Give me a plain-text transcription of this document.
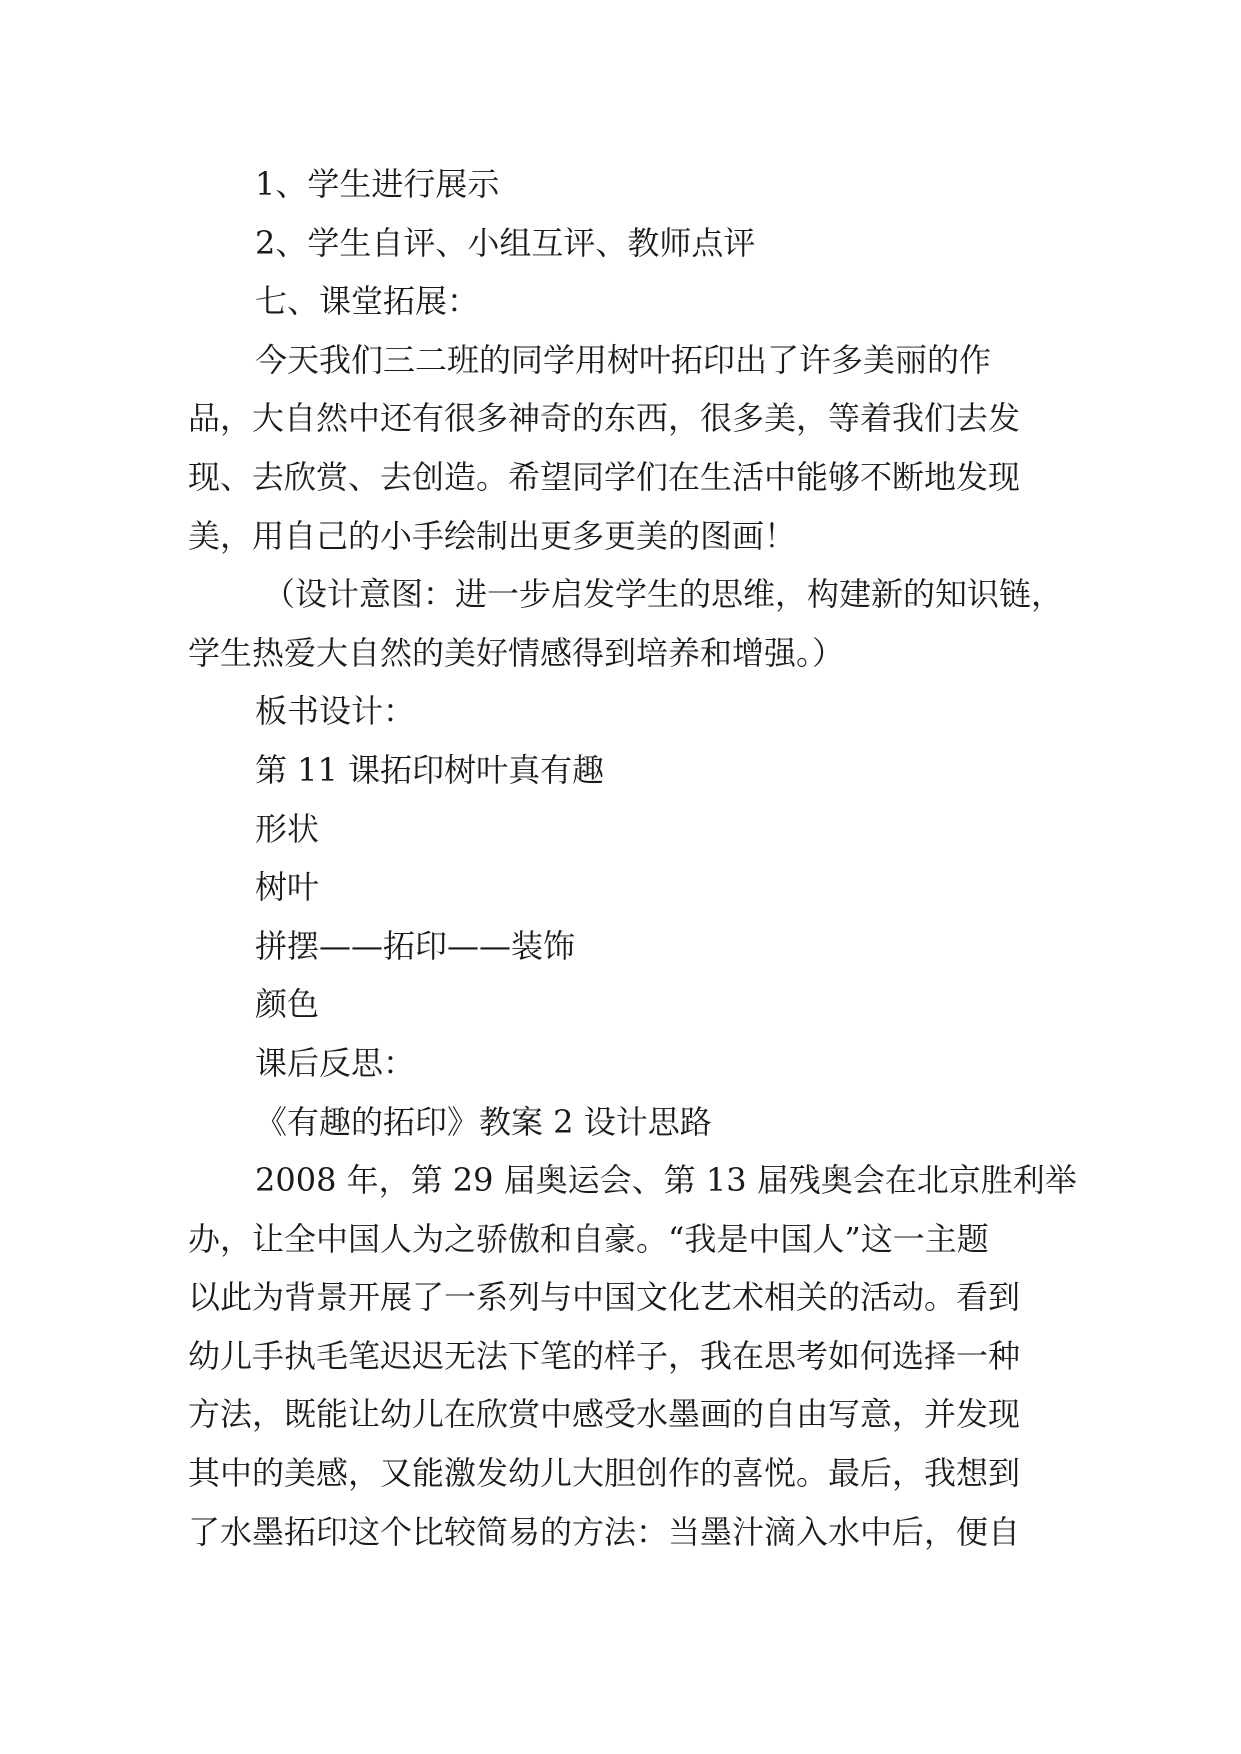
1、学生进行展示

2、学生自评、小组互评、教师点评

七、课堂拓展：

今天我们三二班的同学用树叶拓印出了许多美丽的作

品，大自然中还有很多神奇的东西，很多美，等着我们去发

现、去欣赏、去创造。希望同学们在生活中能够不断地发现

美，用自己的小手绘制出更多更美的图画！

（设计意图：进一步启发学生的思维，构建新的知识链，

学生热爱大自然的美好情感得到培养和增强。）

板书设计：

第 11 课拓印树叶真有趣

形状

树叶

拼摆——拓印——装饰

颜色

课后反思：

《有趣的拓印》教案 2 设计思路

2008 年，第 29 届奥运会、第 13 届残奥会在北京胜利举

办，让全中国人为之骄傲和自豪。“我是中国人”这一主题

以此为背景开展了一系列与中国文化艺术相关的活动。看到

幼儿手执毛笔迟迟无法下笔的样子，我在思考如何选择一种

方法，既能让幼儿在欣赏中感受水墨画的自由写意，并发现

其中的美感，又能激发幼儿大胆创作的喜悦。最后，我想到

了水墨拓印这个比较简易的方法：当墨汁滴入水中后，便自
